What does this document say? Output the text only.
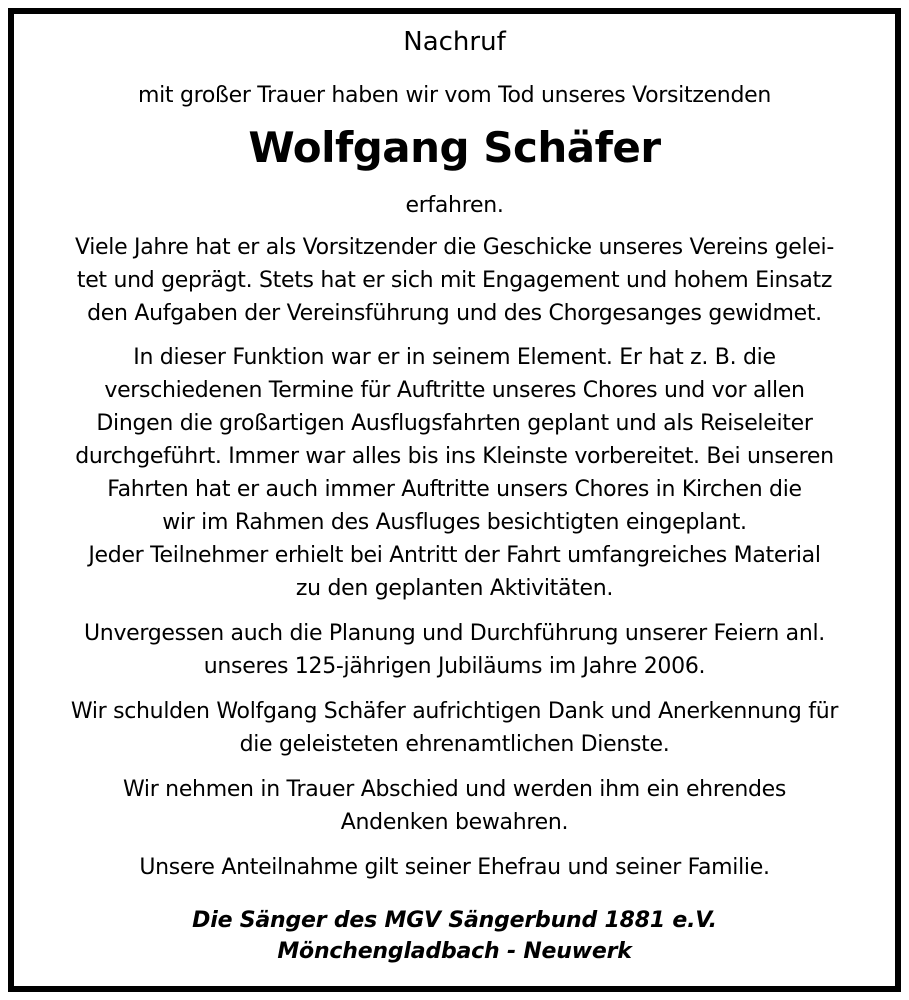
Nachruf
mit großer Trauer haben wir vom Tod unseres Vorsitzenden
Wolfgang Schäfer
erfahren.
Viele Jahre hat er als Vorsitzender die Geschicke unseres Vereins gelei-
tet und geprägt. Stets hat er sich mit Engagement und hohem Einsatz
den Aufgaben der Vereinsführung und des Chorgesanges gewidmet.
In dieser Funktion war er in seinem Element. Er hat z. B. die
verschiedenen Termine für Auftritte unseres Chores und vor allen
Dingen die großartigen Ausflugsfahrten geplant und als Reiseleiter
durchgeführt. Immer war alles bis ins Kleinste vorbereitet. Bei unseren
Fahrten hat er auch immer Auftritte unsers Chores in Kirchen die
wir im Rahmen des Ausfluges besichtigten eingeplant.
Jeder Teilnehmer erhielt bei Antritt der Fahrt umfangreiches Material
zu den geplanten Aktivitäten.
Unvergessen auch die Planung und Durchführung unserer Feiern anl.
unseres 125-jährigen Jubiläums im Jahre 2006.
Wir schulden Wolfgang Schäfer aufrichtigen Dank und Anerkennung für
die geleisteten ehrenamtlichen Dienste.
Wir nehmen in Trauer Abschied und werden ihm ein ehrendes
Andenken bewahren.
Unsere Anteilnahme gilt seiner Ehefrau und seiner Familie.
Die Sänger des MGV Sängerbund 1881 e.V.
Mönchengladbach - Neuwerk
